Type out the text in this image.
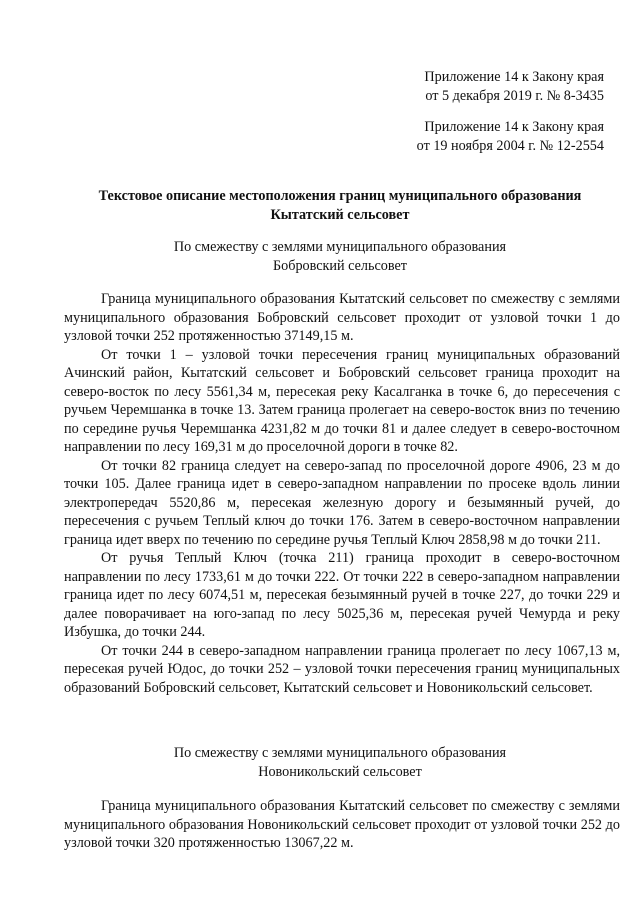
Приложение 14 к Закону края
от 5 декабря 2019 г. № 8-3435
Приложение 14 к Закону края
от 19 ноября 2004 г. № 12-2554
Текстовое описание местоположения границ муниципального образования
Кытатский сельсовет
По смежеству с землями муниципального образования
Бобровский сельсовет

Граница муниципального образования Кытатский сельсовет по смежеству с землями муниципального образования Бобровский сельсовет проходит от узловой точки 1 до узловой точки 252 протяженностью 37149,15 м.

От точки 1 – узловой точки пересечения границ муниципальных образований Ачинский район, Кытатский сельсовет и Бобровский сельсовет граница проходит на северо-восток по лесу 5561,34 м, пересекая реку Касалганка в точке 6, до пересечения с ручьем Черемшанка в точке 13. Затем граница пролегает на северо-восток вниз по течению по середине ручья Черемшанка 4231,82 м до точки 81 и далее следует в северо-восточном направлении по лесу 169,31 м до проселочной дороги в точке 82.

От точки 82 граница следует на северо-запад по проселочной дороге 4906, 23 м до точки 105. Далее граница идет в северо-западном направлении по просеке вдоль линии электропередач 5520,86 м, пересекая железную дорогу и безымянный ручей, до пересечения с ручьем Теплый ключ до точки 176. Затем в северо-восточном направлении граница идет вверх по течению по середине ручья Теплый Ключ 2858,98 м до точки 211.

От ручья Теплый Ключ (точка 211) граница проходит в северо-восточном направлении по лесу 1733,61 м до точки 222. От точки 222 в северо-западном направлении граница идет по лесу 6074,51 м, пересекая безымянный ручей в точке 227, до точки 229 и далее поворачивает на юго-запад по лесу 5025,36 м, пересекая ручей Чемурда и реку Избушка, до точки 244.

От точки 244 в северо-западном направлении граница пролегает по лесу 1067,13 м, пересекая ручей Юдос, до точки 252 – узловой точки пересечения границ муниципальных образований Бобровский сельсовет, Кытатский сельсовет и Новоникольский сельсовет.

По смежеству с землями муниципального образования
Новоникольский сельсовет

Граница муниципального образования Кытатский сельсовет по смежеству с землями муниципального образования Новоникольский сельсовет проходит от узловой точки 252 до узловой точки 320 протяженностью 13067,22 м.
